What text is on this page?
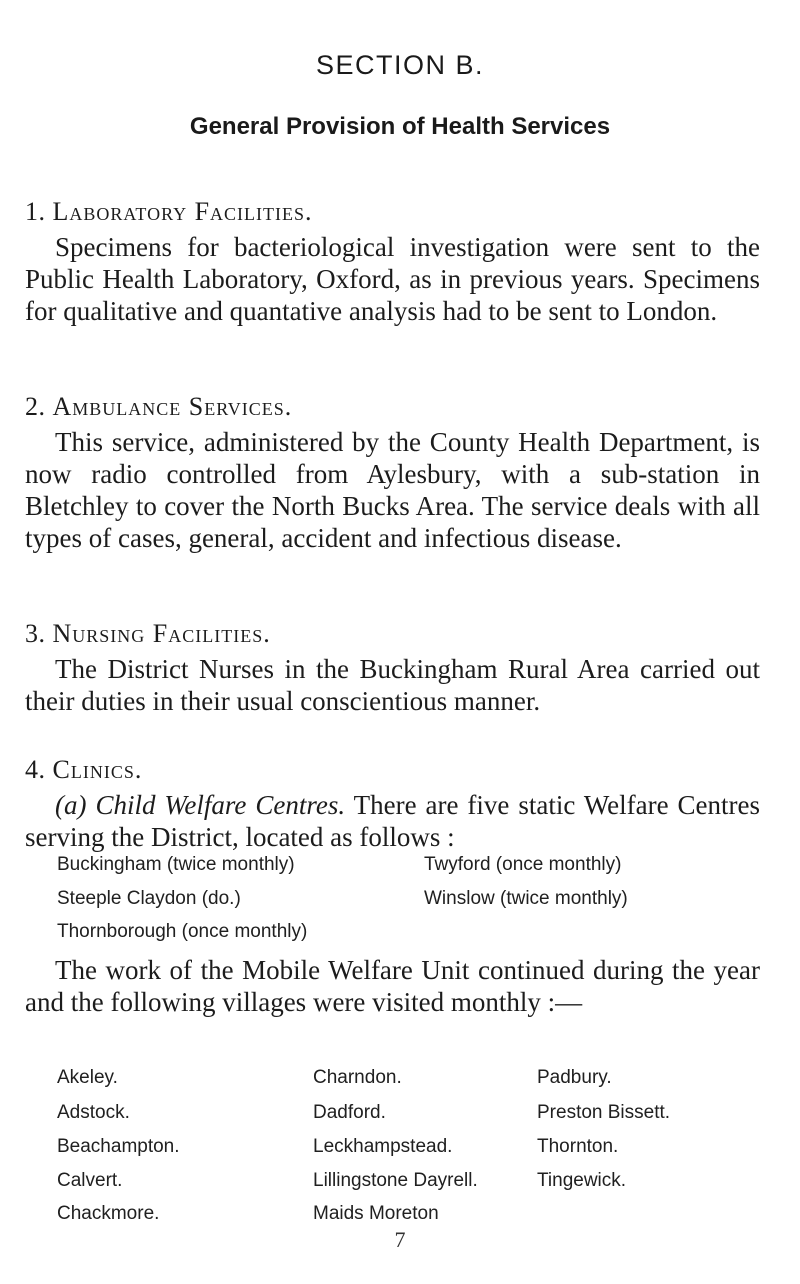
SECTION B.
General Provision of Health Services
1. Laboratory Facilities.

Specimens for bacteriological investigation were sent to the Public Health Laboratory, Oxford, as in previous years. Specimens for qualitative and quantative analysis had to be sent to London.

2. Ambulance Services.

This service, administered by the County Health Department, is now radio controlled from Aylesbury, with a sub-station in Bletchley to cover the North Bucks Area. The service deals with all types of cases, general, accident and infectious disease.

3. Nursing Facilities.

The District Nurses in the Buckingham Rural Area carried out their duties in their usual conscientious manner.

4. Clinics.

(a) Child Welfare Centres. There are five static Welfare Centres serving the District, located as follows :

Buckingham (twice monthly)	Twyford (once monthly)
Steeple Claydon (do.)	Winslow (twice monthly)
Thornborough (once monthly)

The work of the Mobile Welfare Unit continued during the year and the following villages were visited monthly :—

Akeley.
Adstock.
Beachampton.
Calvert.
Chackmore.
Charndon.
Dadford.
Leckhampstead.
Lillingstone Dayrell.
Maids Moreton
Padbury.
Preston Bissett.
Thornton.
Tingewick.
7
